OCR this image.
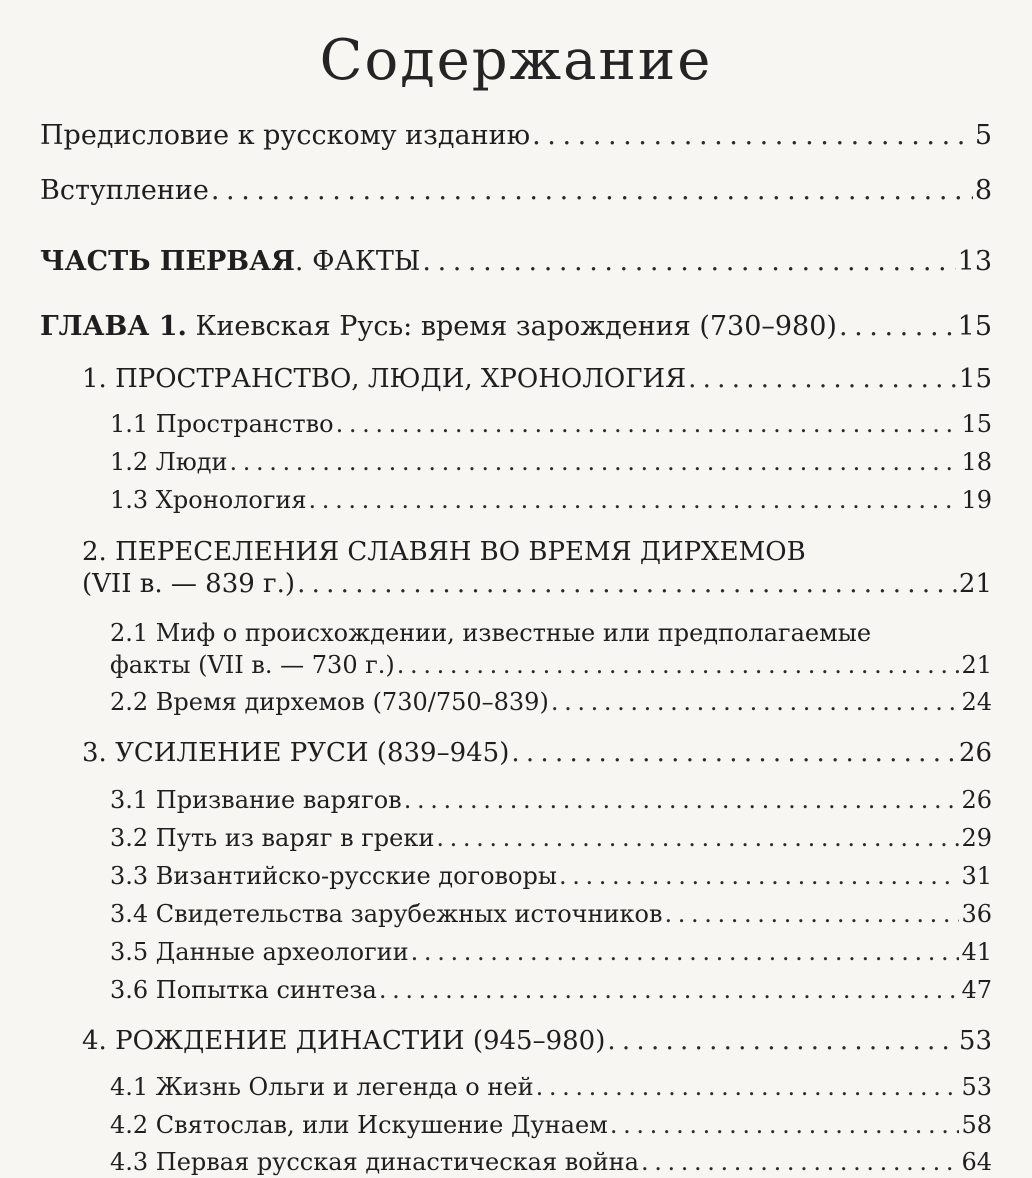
Содержание
Предисловие к русскому изданию . . .	5
Вступление . . .	8
ЧАСТЬ ПЕРВАЯ. ФАКТЫ . . .	13
ГЛАВА 1. Киевская Русь: время зарождения (730–980) . . .	15
1. ПРОСТРАНСТВО, ЛЮДИ, ХРОНОЛОГИЯ . . .	15
1.1 Пространство . . .	15
1.2 Люди . . .	18
1.3 Хронология . . .	19
2. ПЕРЕСЕЛЕНИЯ СЛАВЯН ВО ВРЕМЯ ДИРХЕМОВ
(VII в. — 839 г.) . . .	21
2.1 Миф о происхождении, известные или предполагаемые
факты (VII в. — 730 г.) . . .	21
2.2 Время дирхемов (730/750–839) . . .	24
3. УСИЛЕНИЕ РУСИ (839–945) . . .	26
3.1 Призвание варягов . . .	26
3.2 Путь из варяг в греки . . .	29
3.3 Византийско-русские договоры . . .	31
3.4 Свидетельства зарубежных источников . . .	36
3.5 Данные археологии . . .	41
3.6 Попытка синтеза . . .	47
4. РОЖДЕНИЕ ДИНАСТИИ (945–980) . . .	53
4.1 Жизнь Ольги и легенда о ней . . .	53
4.2 Святослав, или Искушение Дунаем . . .	58
4.3 Первая русская династическая война . . .	64
